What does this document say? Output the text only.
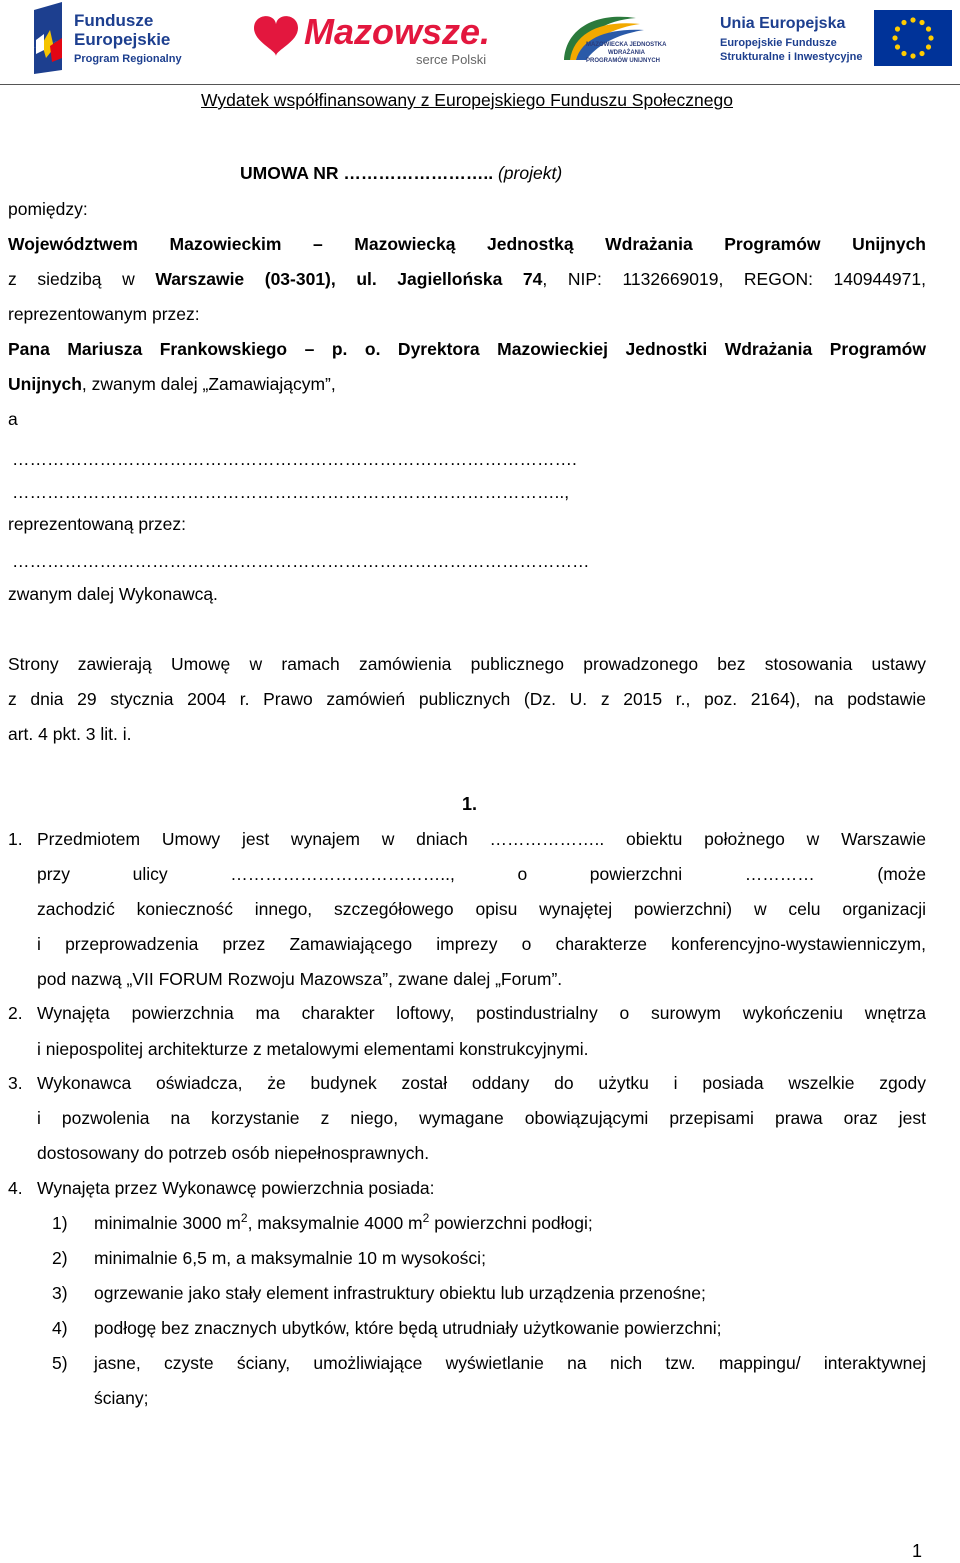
Fundusze
Europejskie
Program Regionalny
Mazowsze.
serce Polski
MAZOWIECKA JEDNOSTKA
WDRAŻANIA
PROGRAMÓW UNIJNYCH
Unia Europejska
Europejskie Fundusze
Strukturalne i Inwestycyjne
Wydatek współfinansowany z Europejskiego Funduszu Społecznego
UMOWA NR …………………….. (projekt)
pomiędzy:
Województwem Mazowieckim – Mazowiecką Jednostką Wdrażania Programów Unijnych
z siedzibą w Warszawie (03-301), ul. Jagiellońska 74, NIP: 1132669019, REGON: 140944971,
reprezentowanym przez:
Pana Mariusza Frankowskiego – p. o. Dyrektora Mazowieckiej Jednostki Wdrażania Programów
Unijnych, zwanym dalej „Zamawiającym”,
a
…………………………………………………………………………………….
…………………………………………………………………………………..,
reprezentowaną przez:
………………………………………………………………………………………
zwanym dalej Wykonawcą.
Strony zawierają Umowę w ramach zamówienia publicznego prowadzonego bez stosowania ustawy
z dnia 29 stycznia 2004 r. Prawo zamówień publicznych (Dz. U. z 2015 r., poz. 2164), na podstawie
art. 4 pkt. 3 lit. i.
1.
1. Przedmiotem Umowy jest wynajem w dniach ……………….. obiektu położnego w Warszawie
przy ulicy ……………………………….., o powierzchni ………… (może
zachodzić konieczność innego, szczegółowego opisu wynajętej powierzchni) w celu organizacji
i przeprowadzenia przez Zamawiającego imprezy o charakterze konferencyjno-wystawienniczym,
pod nazwą „VII FORUM Rozwoju Mazowsza”, zwane dalej „Forum”.
2. Wynajęta powierzchnia ma charakter loftowy, postindustrialny o surowym wykończeniu wnętrza
i niepospolitej architekturze z metalowymi elementami konstrukcyjnymi.
3. Wykonawca oświadcza, że budynek został oddany do użytku i posiada wszelkie zgody
i pozwolenia na korzystanie z niego, wymagane obowiązującymi przepisami prawa oraz jest
dostosowany do potrzeb osób niepełnosprawnych.
4. Wynajęta przez Wykonawcę powierzchnia posiada:
1) minimalnie 3000 $m^2$, maksymalnie 4000 $m^2$ powierzchni podłogi;
2) minimalnie 6,5 m, a maksymalnie 10 m wysokości;
3) ogrzewanie jako stały element infrastruktury obiektu lub urządzenia przenośne;
4) podłogę bez znacznych ubytków, które będą utrudniały użytkowanie powierzchni;
5) jasne, czyste ściany, umożliwiające wyświetlanie na nich tzw. mappingu/ interaktywnej
ściany;
1
